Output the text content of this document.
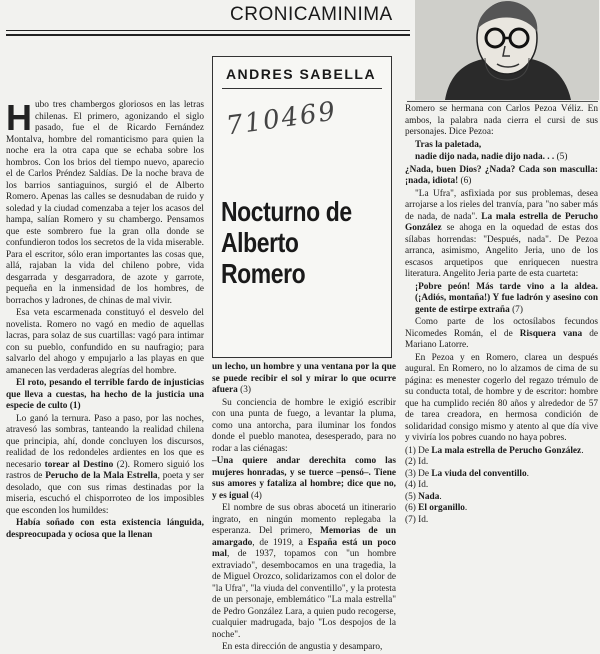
CRONICAMINIMA
ANDRES SABELLA
710469
Nocturno de
Alberto Romero

Hubo tres chambergos gloriosos en las letras chilenas. El primero, agonizando el siglo pasado, fue el de Ricardo Fernández Montalva, hombre del romanticismo para quien la noche era la otra capa que se echaba sobre los hombros. Con los brios del tiempo nuevo, aparecio el de Carlos Préndez Saldías. De la noche brava de los barrios santiaguinos, surgió el de Alberto Romero. Apenas las calles se desnudaban de ruido y soledad y la ciudad comenzaba a tejer los acasos del hampa, salían Romero y su chambergo. Pensamos que este sombrero fue la gran olla donde se confundieron todos los secretos de la vida miserable. Para el escritor, sólo eran importantes las cosas que, allá, rajaban la vida del chileno pobre, vida desgarrada y desgarradora, de azote y garrote, pequeña en la inmensidad de los hombres, de borrachos y ladrones, de chinas de mal vivir.

Esa veta escarmenada constituyó el desvelo del novelista. Romero no vagó en medio de aquellas lacras, para solaz de sus cuartillas: vagó para intimar con su pueblo, confundido en su naufragio; para salvarlo del ahogo y empujarlo a las playas en que amanecen las verdaderas alegrías del hombre.

El roto, pesando el terrible fardo de injusticias que lleva a cuestas, ha hecho de la justicia una especie de culto (1)

Lo ganó la ternura. Paso a paso, por las noches, atravesó las sombras, tanteando la realidad chilena que principia, ahí, donde concluyen los discursos, realidad de los redondeles ardientes en los que es necesario torear al Destino (2). Romero siguió los rastros de Perucho de la Mala Estrella, poeta y ser desolado, que con sus rimas destinadas por la miseria, escuchó el chisporroteo de los imposibles que esconden los humildes:

Había soñado con esta existencia lánguida, despreocupada y ociosa que la llenan

un lecho, un hombre y una ventana por la que se puede recibir el sol y mirar lo que ocurre afuera (3)

Su conciencia de hombre le exigió escribir con una punta de fuego, a levantar la pluma, como una antorcha, para iluminar los fondos donde el pueblo manotea, desesperado, para no rodar a las ciénagas:

–Una quiere andar derechita como las mujeres honradas, y se tuerce –pensó–. Tiene sus amores y fataliza al hombre; dice que no, y es igual (4)

El nombre de sus obras abocetá un itinerario ingrato, en ningún momento replegaba la esperanza. Del primero, Memorias de un amargado, de 1919, a España está un poco mal, de 1937, topamos con "un hombre extraviado", desembocamos en una tragedia, la de Miguel Orozco, solidarizamos con el dolor de "la Ufra", "la viuda del conventillo", y la protesta de un personaje, emblemático "La mala estrella" de Pedro González Lara, a quien pudo recogerse, cualquier madrugada, bajo "Los despojos de la noche".

En esta dirección de angustia y desamparo,

Romero se hermana con Carlos Pezoa Véliz. En ambos, la palabra nada cierra el cursi de sus personajes. Dice Pezoa:

Tras la paletada,

nadie dijo nada, nadie dijo nada. . . (5)

¿Nada, buen Dios? ¿Nada? Cada son masculla: ¡nada, idiota! (6)

"La Ufra", asfixiada por sus problemas, desea arrojarse a los rieles del tranvía, para "no saber más de nada, de nada". La mala estrella de Perucho González se ahoga en la oquedad de estas dos sílabas horrendas: "Después, nada". De Pezoa arranca, asimismo, Angelito Jeria, uno de los escasos arquetipos que enriquecen nuestra literatura. Angelito Jeria parte de esta cuarteta:

¡Pobre peón! Más tarde vino a la aldea. (¡Adiós, montaña!) Y fue ladrón y asesino con gente de estirpe extraña (7)

Como parte de los octosílabos fecundos Nicomedes Román, el de Risquera vana de Mariano Latorre.

En Pezoa y en Romero, clarea un después augural. En Romero, no lo alzamos de cima de su página: es menester cogerlo del regazo trémulo de su conducta total, de hombre y de escritor: hombre que ha cumplido recién 80 años y alrededor de 57 de tarea creadora, en hermosa condición de solidaridad consigo mismo y atento al que día vive y viviría los pobres cuando no haya pobres.

(1) De La mala estrella de Perucho González.
(2) Id.
(3) De La viuda del conventillo.
(4) Id.
(5) Nada.
(6) El organillo.
(7) Id.
